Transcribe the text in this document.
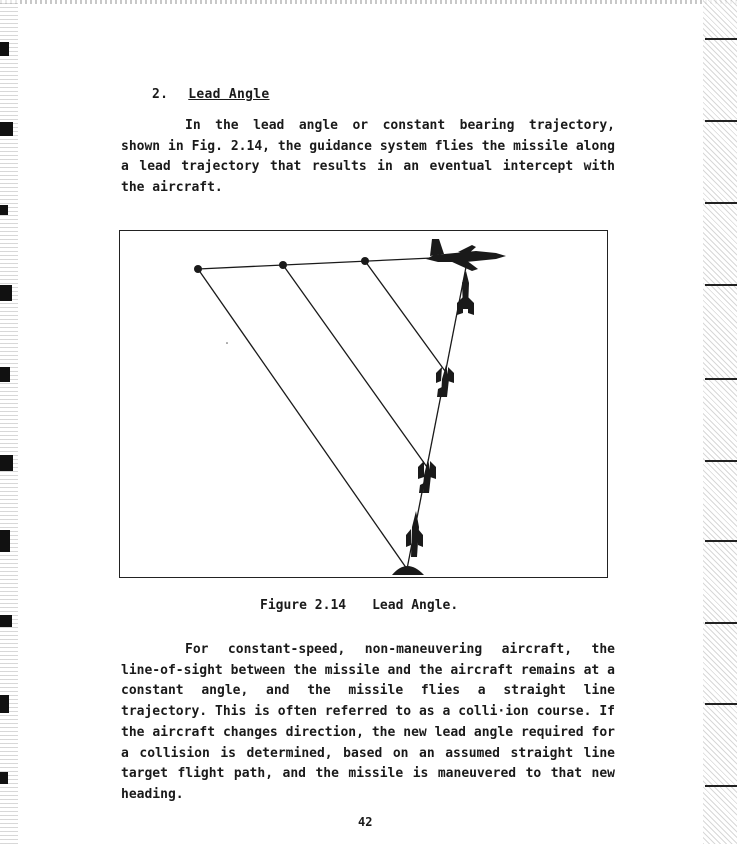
2. Lead Angle

In the lead angle or constant bearing trajectory, shown in Fig. 2.14, the guidance system flies the missile along a lead trajectory that results in an eventual intercept with the aircraft.

Figure 2.14 Lead Angle.

For constant-speed, non-maneuvering aircraft, the line-of-sight between the missile and the aircraft remains at a constant angle, and the missile flies a straight line trajectory. This is often referred to as a colli·ion course. If the aircraft changes direction, the new lead angle required for a collision is determined, based on an assumed straight line target flight path, and the missile is maneuvered to that new heading.

42
